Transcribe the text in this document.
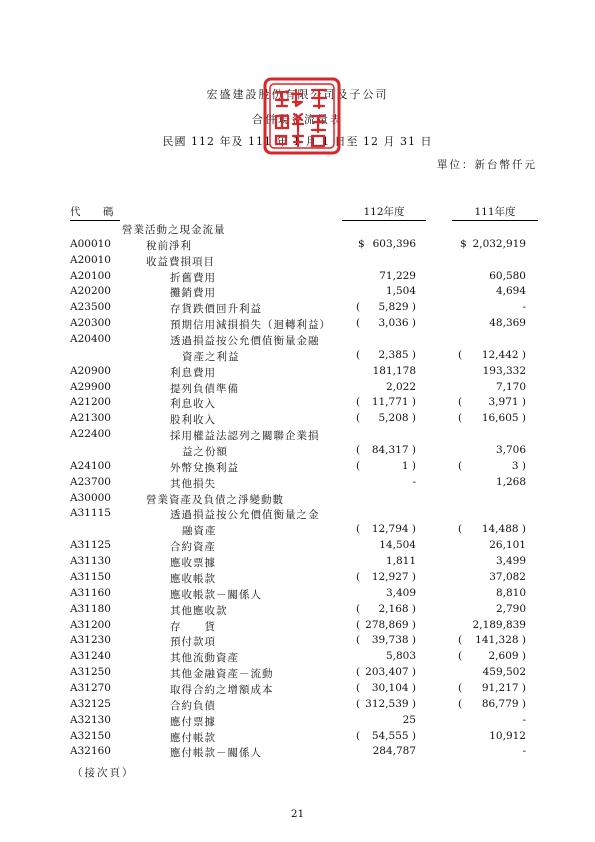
宏盛建設股份有限公司及子公司
合併現金流量表
民國 112 年及 111 年 1 月 1 日至 12 月 31 日
單位：新台幣仟元
代　碼	112年度	111年度
營業活動之現金流量
A00010	稅前淨利	$ 603,396	$ 2,032,919
A20010	收益費損項目
A20100	折舊費用	71,229	60,580
A20200	攤銷費用	1,504	4,694
A23500	存貨跌價回升利益	( 5,829 )	-
A20300	預期信用減損損失（迴轉利益） ( 3,036 )	48,369
A20400	透過損益按公允價值衡量金融
資產之利益	( 2,385 )	( 12,442 )
A20900	利息費用	181,178	193,332
A29900	提列負債準備	2,022	7,170
A21200	利息收入	( 11,771 )	(	3,971 )
A21300	股利收入	( 5,208 )	( 16,605 )
A22400	採用權益法認列之關聯企業損
益之份額	( 84,317 )	3,706
A24100	外幣兌換利益	(	1 )	(	3 )
A23700	其他損失	-	1,268
A30000	營業資產及負債之淨變動數
A31115	透過損益按公允價值衡量之金
融資產	( 12,794 )	( 14,488 )
A31125	合約資產	14,504	26,101
A31130	應收票據	1,811	3,499
A31150	應收帳款	( 12,927 )	37,082
A31160	應收帳款－關係人	3,409	8,810
A31180	其他應收款	( 2,168 )	2,790
A31200	存　　貨	( 278,869 )	2,189,839
A31230	預付款項	( 39,738 )	( 141,328 )
A31240	其他流動資產	5,803	(	2,609 )
A31250	其他金融資產－流動	( 203,407 )	459,502
A31270	取得合約之增額成本	( 30,104 )	( 91,217 )
A32125	合約負債	( 312,539 )	( 86,779 )
A32130	應付票據	25	-
A32150	應付帳款	( 54,555 )	10,912
A32160	應付帳款－關係人	284,787	-
（接次頁）
21
